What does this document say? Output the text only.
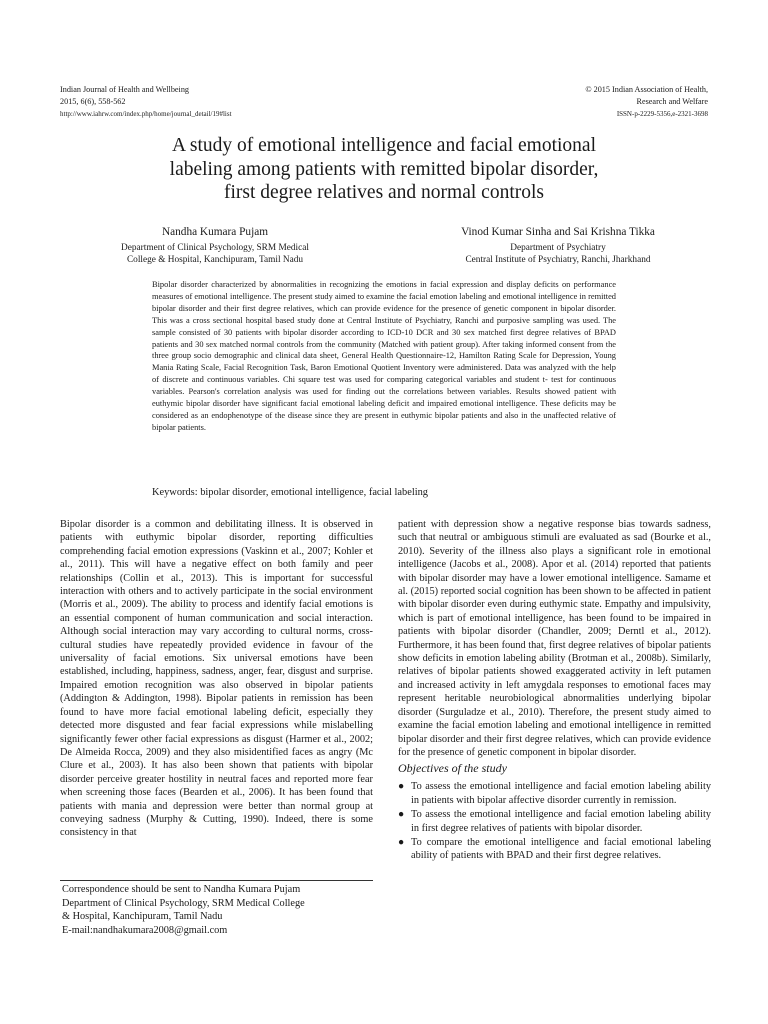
Indian Journal of Health and Wellbeing
2015, 6(6), 558-562
http://www.iahrw.com/index.php/home/journal_detail/19#list
© 2015 Indian Association of Health,
Research and Welfare
ISSN-p-2229-5356,e-2321-3698
A study of emotional intelligence and facial emotional
labeling among patients with remitted bipolar disorder,
first degree relatives and normal controls
Nandha Kumara Pujam
Department of Clinical Psychology, SRM Medical
College & Hospital, Kanchipuram, Tamil Nadu
Vinod Kumar Sinha and Sai Krishna Tikka
Department of Psychiatry
Central Institute of Psychiatry, Ranchi, Jharkhand
Bipolar disorder characterized by abnormalities in recognizing the emotions in facial expression and display deficits on performance measures of emotional intelligence. The present study aimed to examine the facial emotion labeling and emotional intelligence in remitted bipolar disorder and their first degree relatives, which can provide evidence for the presence of genetic component in bipolar disorder. This was a cross sectional hospital based study done at Central Institute of Psychiatry, Ranchi and purposive sampling was used. The sample consisted of 30 patients with bipolar disorder according to ICD-10 DCR and 30 sex matched first degree relatives of BPAD patients and 30 sex matched normal controls from the community (Matched with patient group). After taking informed consent from the three group socio demographic and clinical data sheet, General Health Questionnaire-12, Hamilton Rating Scale for Depression, Young Mania Rating Scale, Facial Recognition Task, Baron Emotional Quotient Inventory were administered. Data was analyzed with the help of discrete and continuous variables. Chi square test was used for comparing categorical variables and student t- test for continuous variables. Pearson's correlation analysis was used for finding out the correlations between variables. Results showed patient with euthymic bipolar disorder have significant facial emotional labeling deficit and impaired emotional intelligence. These deficits may be considered as an endophenotype of the disease since they are present in euthymic bipolar patients and also in the unaffected relative of bipolar patients.
Keywords: bipolar disorder, emotional intelligence, facial labeling

Bipolar disorder is a common and debilitating illness. It is observed in patients with euthymic bipolar disorder, reporting difficulties comprehending facial emotion expressions (Vaskinn et al., 2007; Kohler et al., 2011). This will have a negative effect on both family and peer relationships (Collin et al., 2013). This is important for successful interaction with others and to actively participate in the social environment (Morris et al., 2009). The ability to process and identify facial emotions is an essential component of human communication and social interaction. Although social interaction may vary according to cultural norms, cross-cultural studies have repeatedly provided evidence in favour of the universality of facial emotions. Six universal emotions have been established, including, happiness, sadness, anger, fear, disgust and surprise. Impaired emotion recognition was also observed in bipolar patients (Addington & Addington, 1998). Bipolar patients in remission has been found to have more facial emotional labeling deficit, especially they detected more disgusted and fear facial expressions while mislabelling significantly fewer other facial expressions as disgust (Harmer et al., 2002; De Almeida Rocca, 2009) and they also misidentified faces as angry (Mc Clure et al., 2003). It has also been shown that patients with bipolar disorder perceive greater hostility in neutral faces and reported more fear when screening those faces (Bearden et al., 2006). It has been found that patients with mania and depression were better than normal group at conveying sadness (Murphy & Cutting, 1990). Indeed, there is some consistency in that

patient with depression show a negative response bias towards sadness, such that neutral or ambiguous stimuli are evaluated as sad (Bourke et al., 2010). Severity of the illness also plays a significant role in emotional intelligence (Jacobs et al., 2008). Apor et al. (2014) reported that patients with bipolar disorder may have a lower emotional intelligence. Samame et al. (2015) reported social cognition has been shown to be affected in patient with bipolar disorder even during euthymic state. Empathy and impulsivity, which is part of emotional intelligence, has been found to be impaired in patients with bipolar disorder (Chandler, 2009; Derntl et al., 2012). Furthermore, it has been found that, first degree relatives of bipolar patients show deficits in emotion labeling ability (Brotman et al., 2008b). Similarly, relatives of bipolar patients showed exaggerated activity in left putamen and increased activity in left amygdala responses to emotional faces may represent heritable neurobiological abnormalities underlying bipolar disorder (Surguladze et al., 2010). Therefore, the present study aimed to examine the facial emotion labeling and emotional intelligence in remitted bipolar disorder and their first degree relatives, which can provide evidence for the presence of genetic component in bipolar disorder.

Objectives of the study
● To assess the emotional intelligence and facial emotion labeling ability in patients with bipolar affective disorder currently in remission.
● To assess the emotional intelligence and facial emotion labeling ability in first degree relatives of patients with bipolar disorder.
● To compare the emotional intelligence and facial emotional labeling ability of patients with BPAD and their first degree relatives.
Correspondence should be sent to Nandha Kumara Pujam
Department of Clinical Psychology, SRM Medical College
& Hospital, Kanchipuram, Tamil Nadu
E-mail:nandhakumara2008@gmail.com
